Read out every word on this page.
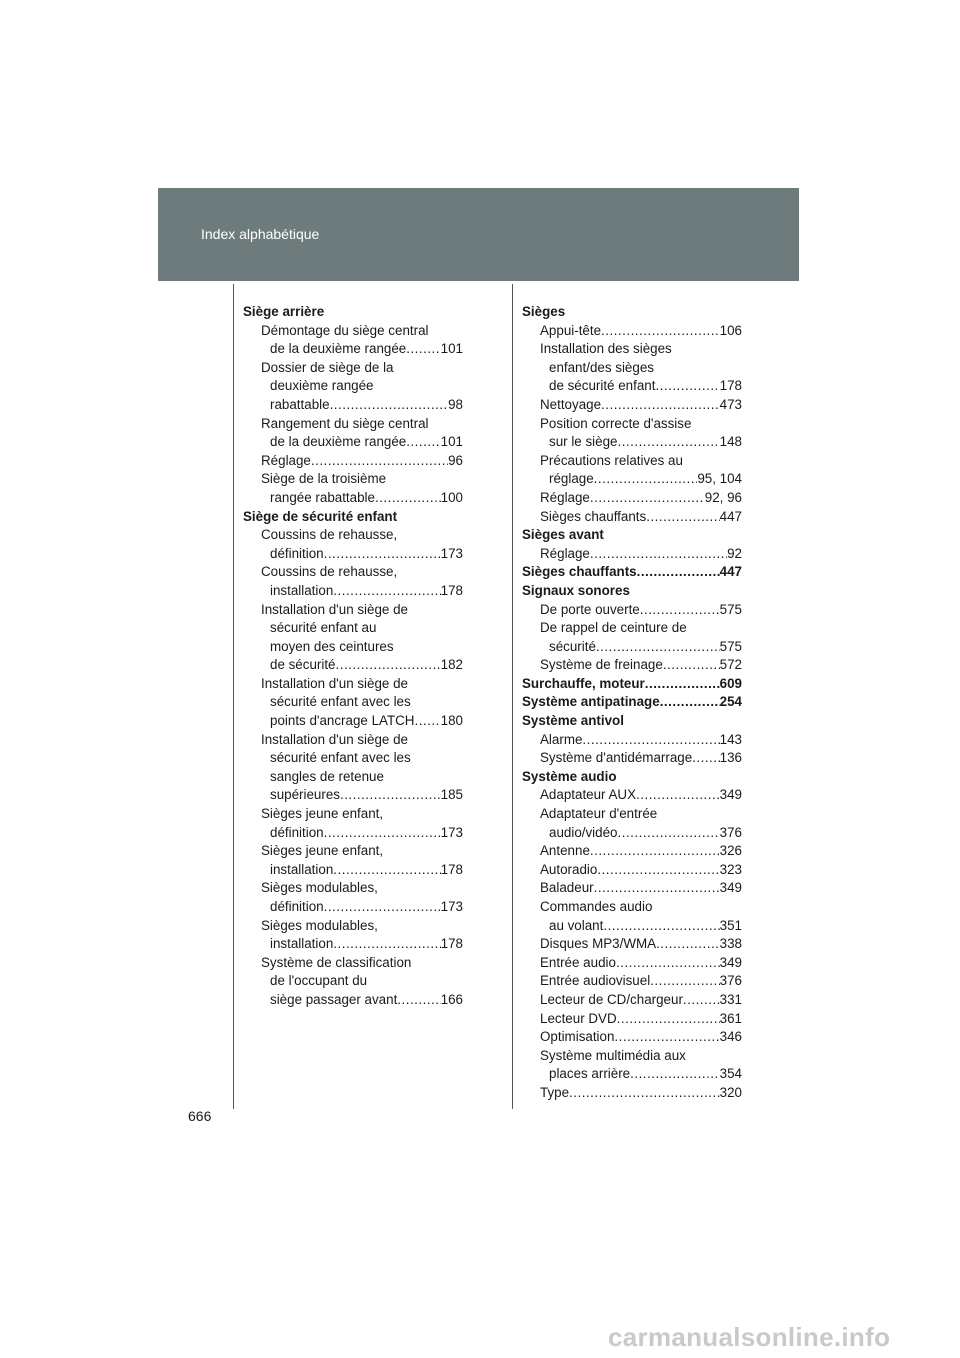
Index alphabétique
Siège arrière
Démontage du siège central
de la deuxième rangée .....	101
Dossier de siège de la
deuxième rangée
rabattable .....	98
Rangement du siège central
de la deuxième rangée .....	101
Réglage .....	96
Siège de la troisième
rangée rabattable .....	100
Siège de sécurité enfant
Coussins de rehausse,
définition .....	173
Coussins de rehausse,
installation .....	178
Installation d'un siège de
sécurité enfant au
moyen des ceintures
de sécurité .....	182
Installation d'un siège de
sécurité enfant avec les
points d'ancrage LATCH ..... 180
Installation d'un siège de
sécurité enfant avec les
sangles de retenue
supérieures .....	185
Sièges jeune enfant,
définition .....	173
Sièges jeune enfant,
installation .....	178
Sièges modulables,
définition .....	173
Sièges modulables,
installation .....	178
Système de classification
de l'occupant du
siège passager avant .....	166
Sièges
Appui-tête .....	106
Installation des sièges
enfant/des sièges
de sécurité enfant .....	178
Nettoyage .....	473
Position correcte d'assise
sur le siège .....	148
Précautions relatives au
réglage .....	95, 104
Réglage .....	92, 96
Sièges chauffants .....	447
Sièges avant
Réglage .....	92
Sièges chauffants .....	447
Signaux sonores
De porte ouverte .....	575
De rappel de ceinture de
sécurité .....	575
Système de freinage .....	572
Surchauffe, moteur .....	609
Système antipatinage .....	254
Système antivol
Alarme .....	143
Système d'antidémarrage ..... 136
Système audio
Adaptateur AUX .....	349
Adaptateur d'entrée
audio/vidéo .....	376
Antenne .....	326
Autoradio .....	323
Baladeur .....	349
Commandes audio
au volant .....	351
Disques MP3/WMA .....	338
Entrée audio .....	349
Entrée audiovisuel .....	376
Lecteur de CD/chargeur .....	331
Lecteur DVD .....	361
Optimisation .....	346
Système multimédia aux
places arrière .....	354
Type .....	320
666
carmanualsonline.info
